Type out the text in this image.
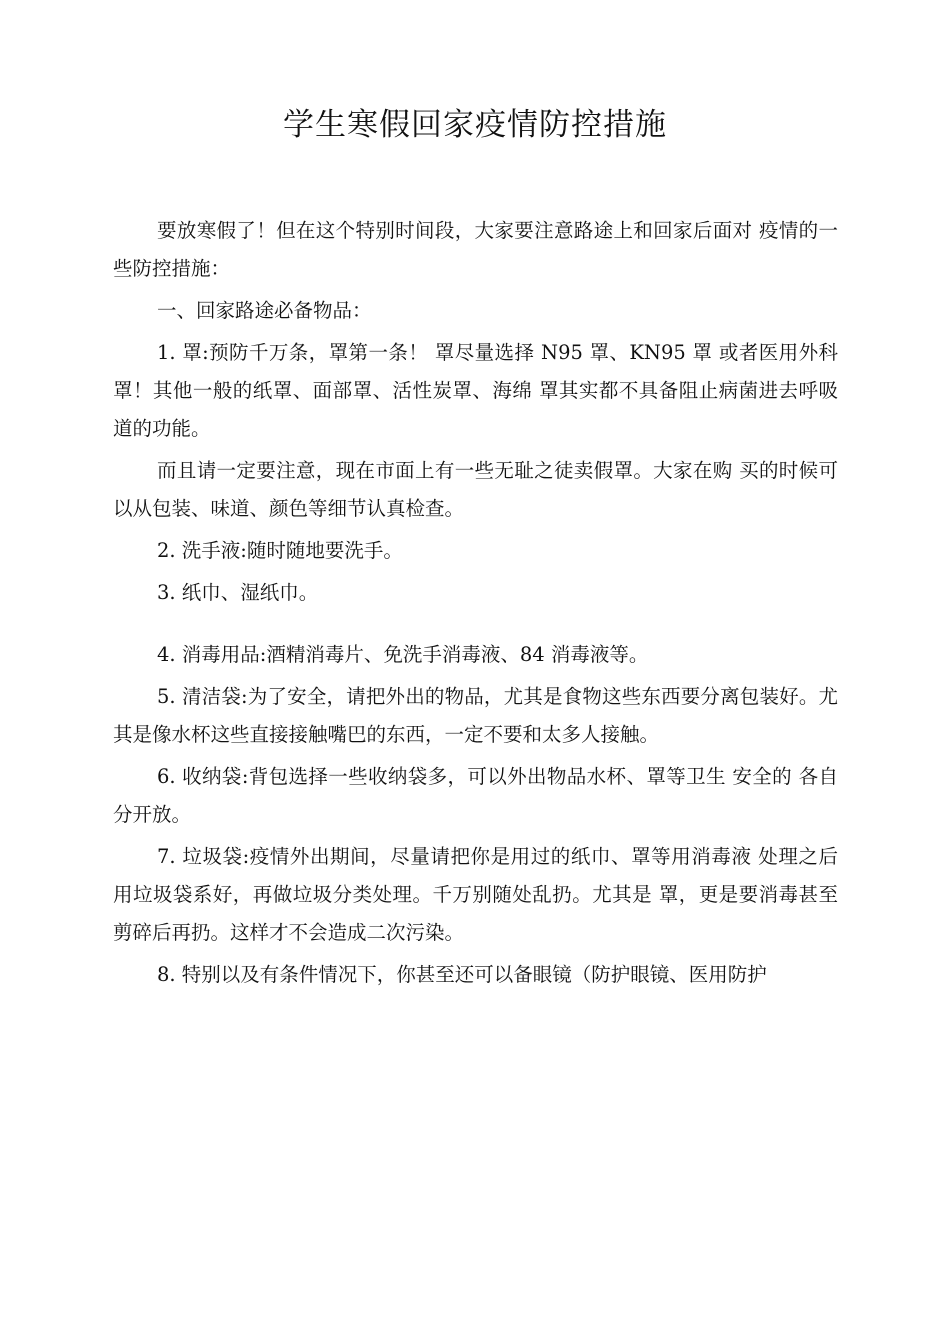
学生寒假回家疫情防控措施

要放寒假了！但在这个特别时间段，大家要注意路途上和回家后面对 疫情的一些防控措施：

一、回家路途必备物品：

1. 罩:预防千万条，罩第一条！ 罩尽量选择 N95 罩、KN95 罩 或者医用外科罩！其他一般的纸罩、面部罩、活性炭罩、海绵 罩其实都不具备阻止病菌进去呼吸道的功能。

而且请一定要注意，现在市面上有一些无耻之徒卖假罩。大家在购 买的时候可以从包装、味道、颜色等细节认真检查。

2. 洗手液:随时随地要洗手。

3. 纸巾、湿纸巾。

4. 消毒用品:酒精消毒片、免洗手消毒液、84 消毒液等。

5. 清洁袋:为了安全，请把外出的物品，尤其是食物这些东西要分离包装好。尤其是像水杯这些直接接触嘴巴的东西，一定不要和太多人接触。

6. 收纳袋:背包选择一些收纳袋多，可以外出物品水杯、罩等卫生 安全的 各自分开放。

7. 垃圾袋:疫情外出期间，尽量请把你是用过的纸巾、罩等用消毒液 处理之后用垃圾袋系好，再做垃圾分类处理。千万别随处乱扔。尤其是 罩，更是要消毒甚至剪碎后再扔。这样才不会造成二次污染。

8. 特别以及有条件情况下，你甚至还可以备眼镜（防护眼镜、医用防护
